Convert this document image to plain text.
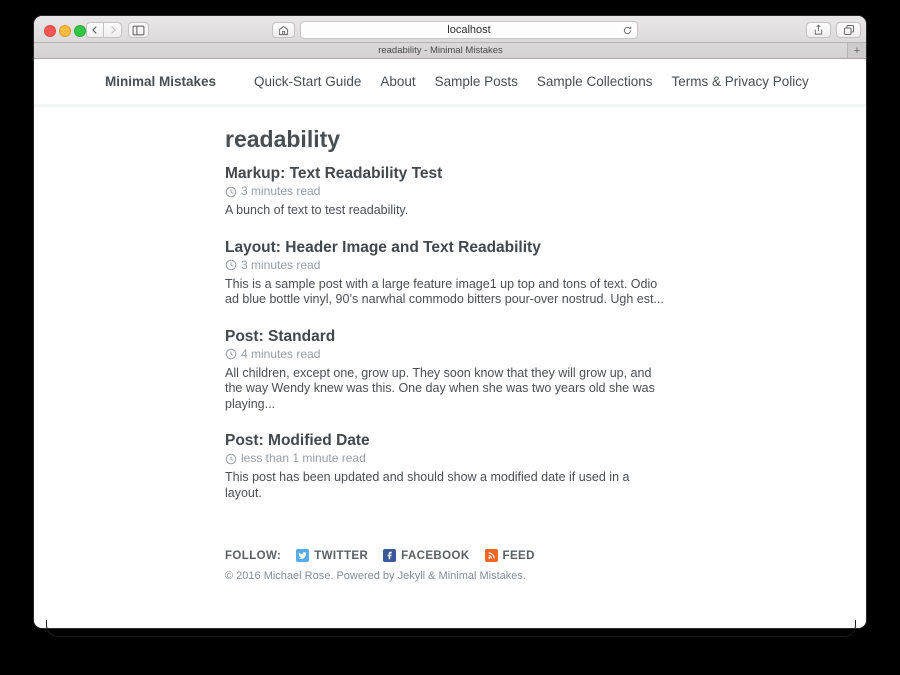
localhost
readability - Minimal Mistakes	+
Minimal Mistakes	Quick-Start Guide About Sample Posts Sample Collections Terms & Privacy Policy
readability
Markup: Text Readability Test

3 minutes read

A bunch of text to test readability.

Layout: Header Image and Text Readability

3 minutes read

This is a sample post with a large feature image1 up top and tons of text. Odio ad blue bottle vinyl, 90’s narwhal commodo bitters pour-over nostrud. Ugh est...

Post: Standard

4 minutes read

All children, except one, grow up. They soon know that they will grow up, and the way Wendy knew was this. One day when she was two years old she was playing...

Post: Modified Date

less than 1 minute read

This post has been updated and should show a modified date if used in a layout.

FOLLOW:	TWITTER	FACEBOOK	FEED

© 2016 Michael Rose. Powered by Jekyll & Minimal Mistakes.
